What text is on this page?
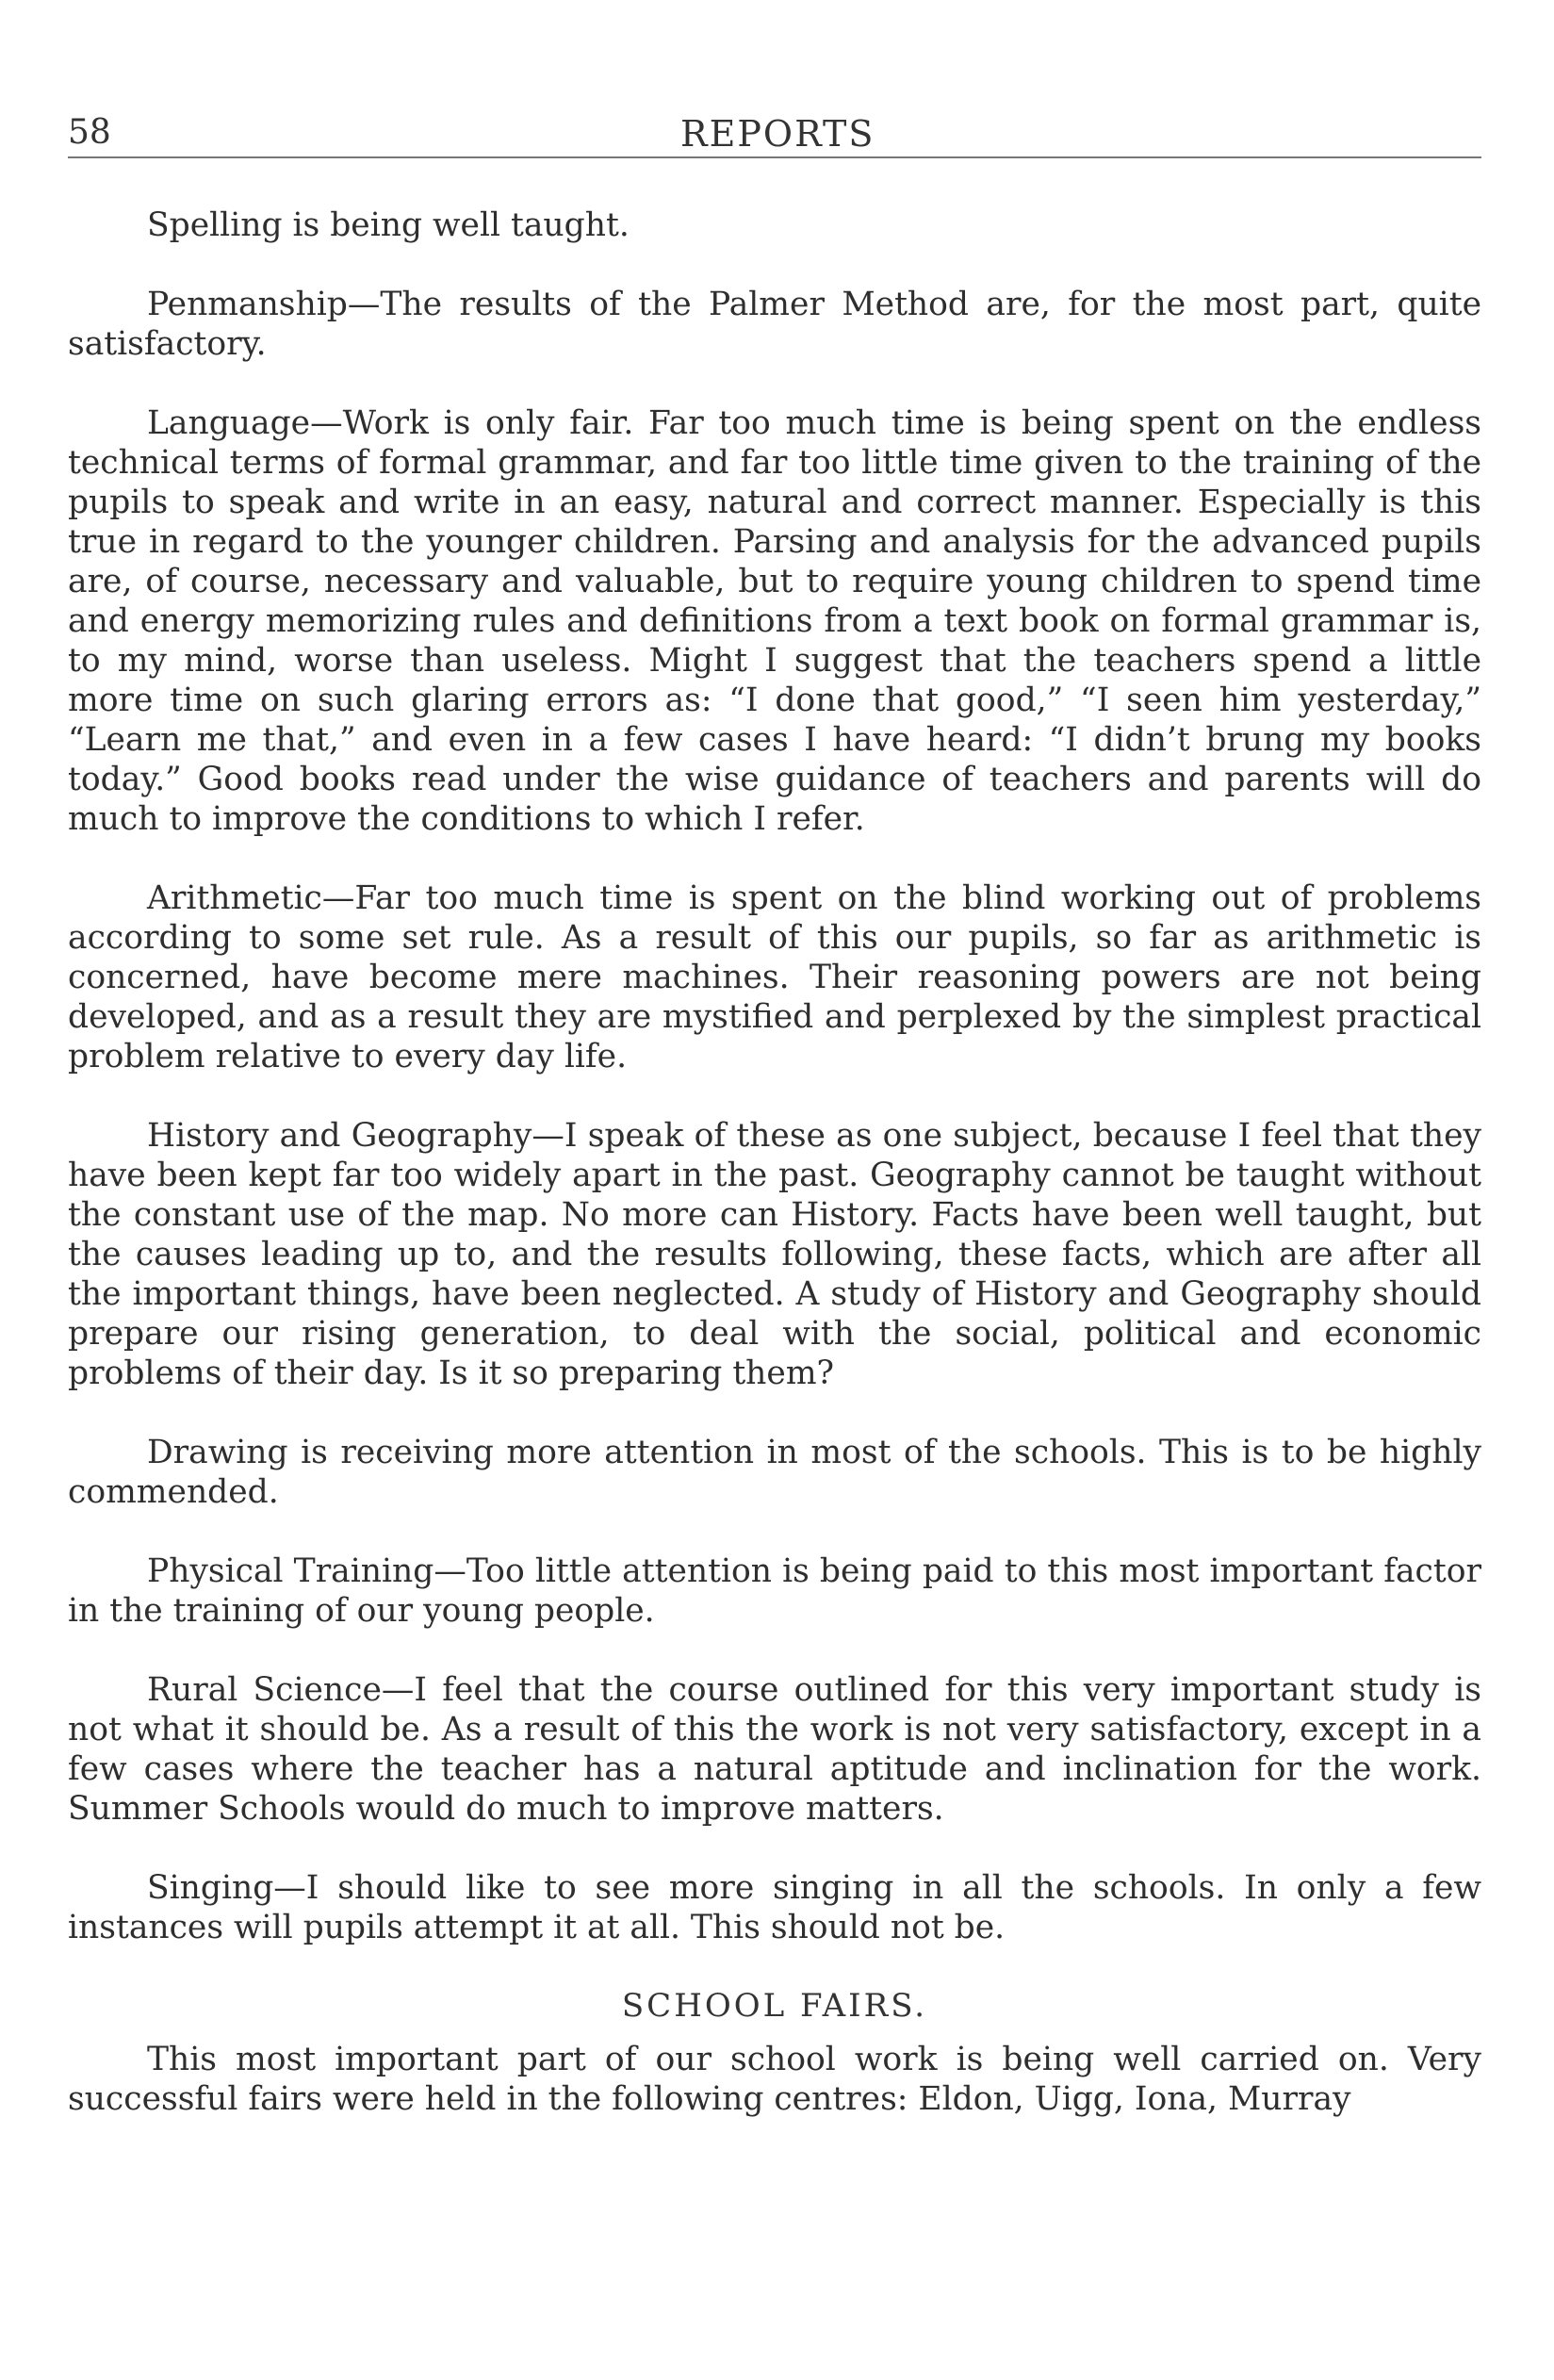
58	REPORTS

Spelling is being well taught.

Penmanship—The results of the Palmer Method are, for the most part, quite satisfactory.

Language—Work is only fair. Far too much time is being spent on the endless technical terms of formal grammar, and far too little time given to the training of the pupils to speak and write in an easy, natural and correct manner. Especially is this true in regard to the younger children. Parsing and analysis for the advanced pupils are, of course, necessary and valuable, but to require young children to spend time and energy memorizing rules and definitions from a text book on formal grammar is, to my mind, worse than useless. Might I suggest that the teachers spend a little more time on such glaring errors as: “I done that good,” “I seen him yesterday,” “Learn me that,” and even in a few cases I have heard: “I didn’t brung my books today.” Good books read under the wise guidance of teachers and parents will do much to improve the conditions to which I refer.

Arithmetic—Far too much time is spent on the blind working out of problems according to some set rule. As a result of this our pupils, so far as arithmetic is concerned, have become mere machines. Their reasoning powers are not being developed, and as a result they are mystified and perplexed by the simplest practical problem relative to every day life.

History and Geography—I speak of these as one subject, because I feel that they have been kept far too widely apart in the past. Geography cannot be taught without the constant use of the map. No more can History. Facts have been well taught, but the causes leading up to, and the results following, these facts, which are after all the important things, have been neglected. A study of History and Geography should prepare our rising generation, to deal with the social, political and economic problems of their day. Is it so preparing them?

Drawing is receiving more attention in most of the schools. This is to be highly commended.

Physical Training—Too little attention is being paid to this most important factor in the training of our young people.

Rural Science—I feel that the course outlined for this very important study is not what it should be. As a result of this the work is not very satisfactory, except in a few cases where the teacher has a natural aptitude and inclination for the work. Summer Schools would do much to improve matters.

Singing—I should like to see more singing in all the schools. In only a few instances will pupils attempt it at all. This should not be.

SCHOOL FAIRS.

This most important part of our school work is being well carried on. Very successful fairs were held in the following centres: Eldon, Uigg, Iona, Murray
